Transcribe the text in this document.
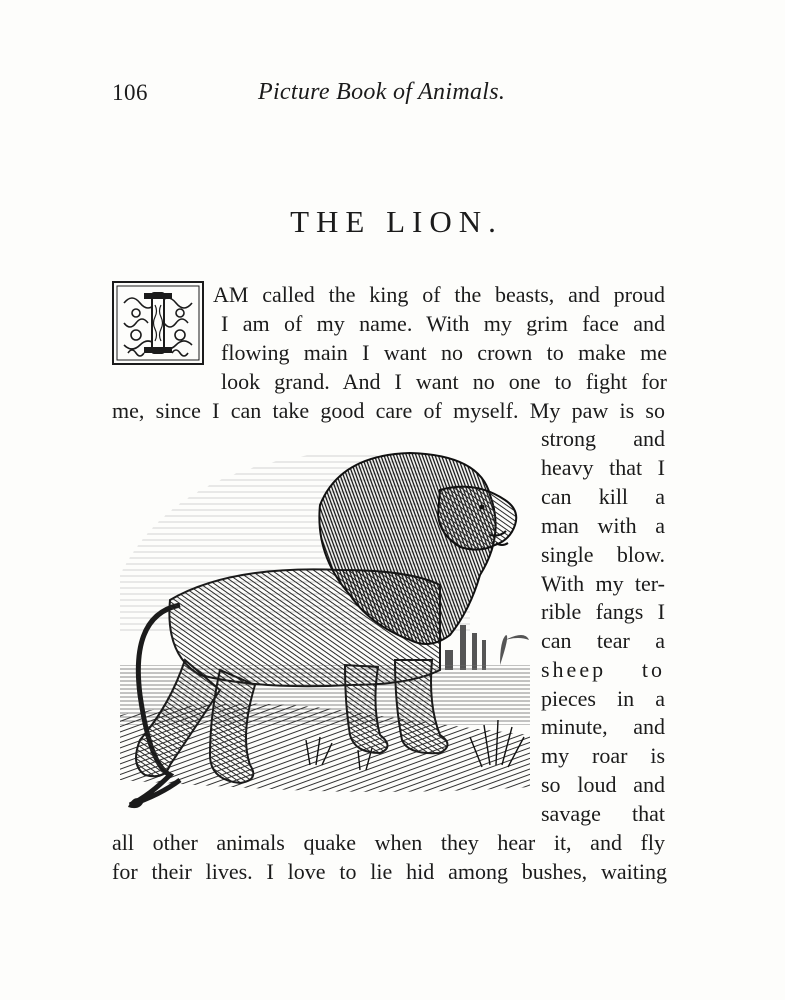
106	Picture Book of Animals.
THE LION.
AM called the king of the beasts, and proud
I am of my name. With my grim face and
flowing main I want no crown to make me
look grand. And I want no one to fight for
me, since I can take good care of myself. My paw is so
strong and
heavy that I
can kill a
man with a
single blow.
With my ter-
rible fangs I
can tear a
sheep to
pieces in a
minute, and
my roar is
so loud and
savage that
all other animals quake when they hear it, and fly
for their lives. I love to lie hid among bushes, waiting
